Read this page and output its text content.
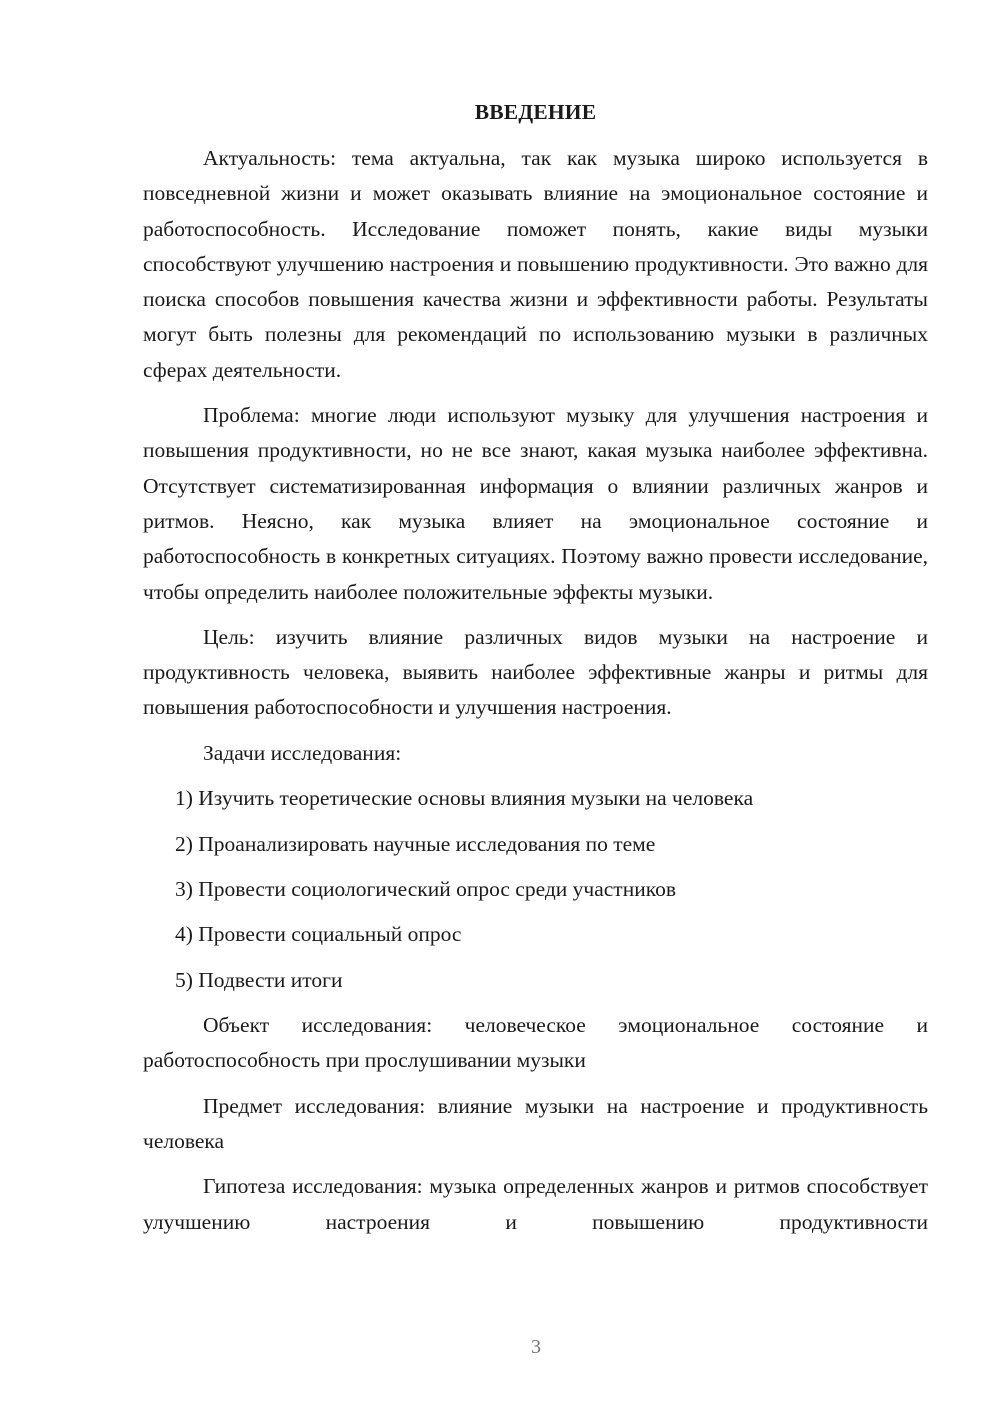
ВВЕДЕНИЕ

Актуальность: тема актуальна, так как музыка широко используется в повседневной жизни и может оказывать влияние на эмоциональное состояние и работоспособность. Исследование поможет понять, какие виды музыки способствуют улучшению настроения и повышению продуктивности. Это важно для поиска способов повышения качества жизни и эффективности работы. Результаты могут быть полезны для рекомендаций по использованию музыки в различных сферах деятельности.

Проблема: многие люди используют музыку для улучшения настроения и повышения продуктивности, но не все знают, какая музыка наиболее эффективна. Отсутствует систематизированная информация о влиянии различных жанров и ритмов. Неясно, как музыка влияет на эмоциональное состояние и работоспособность в конкретных ситуациях. Поэтому важно провести исследование, чтобы определить наиболее положительные эффекты музыки.

Цель: изучить влияние различных видов музыки на настроение и продуктивность человека, выявить наиболее эффективные жанры и ритмы для повышения работоспособности и улучшения настроения.

Задачи исследования:
1) Изучить теоретические основы влияния музыки на человека
2) Проанализировать научные исследования по теме
3) Провести социологический опрос среди участников
4) Провести социальный опрос
5) Подвести итоги

Объект исследования: человеческое эмоциональное состояние и работоспособность при прослушивании музыки

Предмет исследования: влияние музыки на настроение и продуктивность человека

Гипотеза исследования: музыка определенных жанров и ритмов способствует улучшению настроения и повышению продуктивности

3
